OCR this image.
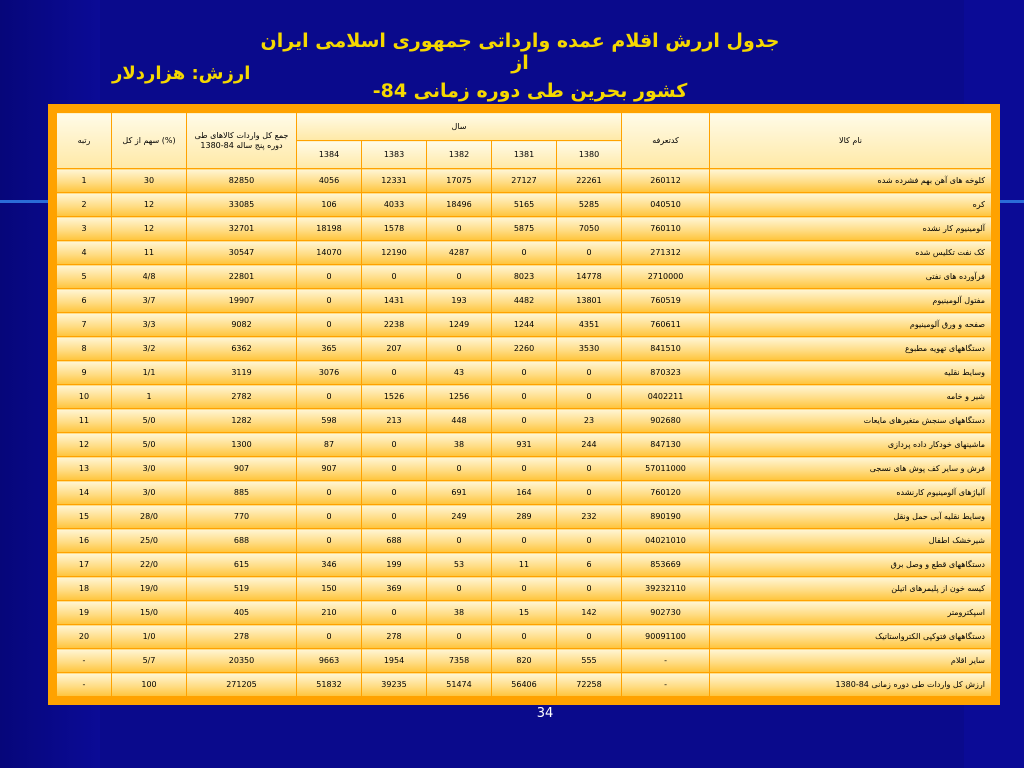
جدول اررش اقلام عمده وارداتی جمهوری اسلامی ایران از
ارزش: هزاردلار
کشور بحرین طی دوره زمانی 84-
رتبه	سهم از کل (%)	جمع کل واردات کالاهای طی دوره پنج ساله 84-1380	سال					کدتعرفه	نام کالا
			1384	1383	1382	1381	1380		
1	30	82850	4056	12331	17075	27127	22261	260112	کلوخه های آهن بهم فشرده شده
2	12	33085	106	4033	18496	5165	5285	040510	کره
3	12	32701	18198	1578	0	5875	7050	760110	آلومینیوم کار نشده
4	11	30547	14070	12190	4287	0	0	271312	کک نفت تکلیس شده
5	4/8	22801	0	0	0	8023	14778	2710000	فرآورده های نفتی
6	3/7	19907	0	1431	193	4482	13801	760519	مفتول آلومینیوم
7	3/3	9082	0	2238	1249	1244	4351	760611	صفحه و ورق آلومینیوم
8	3/2	6362	365	207	0	2260	3530	841510	دستگاههای تهویه مطبوع
9	1/1	3119	3076	0	43	0	0	870323	وسایط نقلیه
10	1	2782	0	1526	1256	0	0	0402211	شیر و خامه
11	5/0	1282	598	213	448	0	23	902680	دستگاههای سنجش متغیرهای مایعات
12	5/0	1300	87	0	38	931	244	847130	ماشینهای خودکار داده پردازی
13	3/0	907	907	0	0	0	0	57011000	فرش و سایر کف پوش های نسجی
14	3/0	885	0	0	691	164	0	760120	آلیاژهای آلومینیوم کارنشده
15	28/0	770	0	0	249	289	232	890190	وسایط نقلیه آبی حمل ونقل
16	25/0	688	0	688	0	0	0	04021010	شیرخشک اطفال
17	22/0	615	346	199	53	11	6	853669	دستگاههای قطع و وصل برق
18	19/0	519	150	369	0	0	0	39232110	کیسه خون از پلیمرهای اتیلن
19	15/0	405	210	0	38	15	142	902730	اسپکترومتر
20	1/0	278	0	278	0	0	0	90091100	دستگاههای فتوکپی الکترواستاتیک
-	5/7	20350	9663	1954	7358	820	555	-	سایر اقلام
-	100	271205	51832	39235	51474	56406	72258	-	ارزش کل واردات طی دوره زمانی 84-1380
34
